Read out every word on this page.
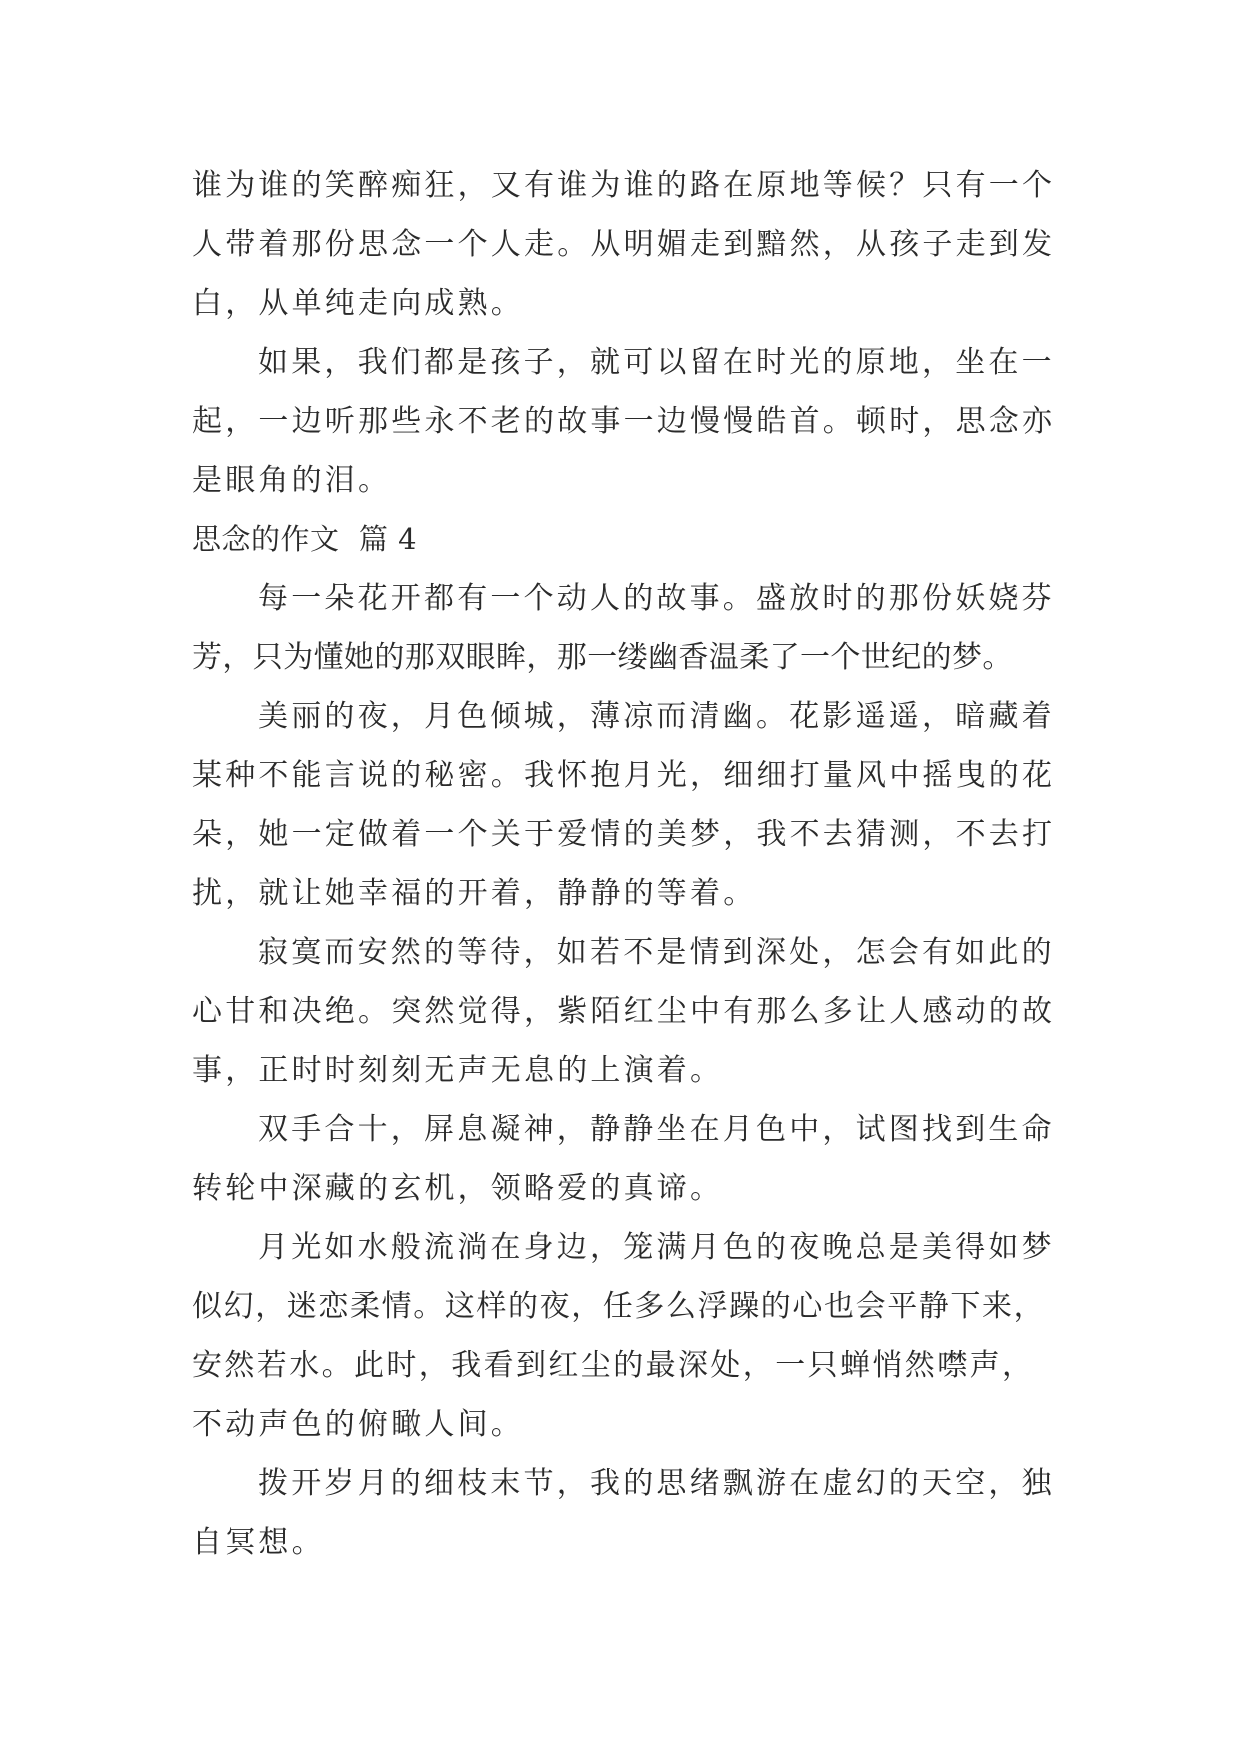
谁为谁的笑醉痴狂，又有谁为谁的路在原地等候？只有一个
人带着那份思念一个人走。从明媚走到黯然，从孩子走到发
白，从单纯走向成熟。

如果，我们都是孩子，就可以留在时光的原地，坐在一
起，一边听那些永不老的故事一边慢慢皓首。顿时，思念亦
是眼角的泪。

思念的作文  篇 4

每一朵花开都有一个动人的故事。盛放时的那份妖娆芬
芳，只为懂她的那双眼眸，那一缕幽香温柔了一个世纪的梦。

美丽的夜，月色倾城，薄凉而清幽。花影遥遥，暗藏着
某种不能言说的秘密。我怀抱月光，细细打量风中摇曳的花
朵，她一定做着一个关于爱情的美梦，我不去猜测，不去打
扰，就让她幸福的开着，静静的等着。

寂寞而安然的等待，如若不是情到深处，怎会有如此的
心甘和决绝。突然觉得，紫陌红尘中有那么多让人感动的故
事，正时时刻刻无声无息的上演着。

双手合十，屏息凝神，静静坐在月色中，试图找到生命
转轮中深藏的玄机，领略爱的真谛。

月光如水般流淌在身边，笼满月色的夜晚总是美得如梦
似幻，迷恋柔情。这样的夜，任多么浮躁的心也会平静下来，
安然若水。此时，我看到红尘的最深处，一只蝉悄然噤声，
不动声色的俯瞰人间。

拨开岁月的细枝末节，我的思绪飘游在虚幻的天空，独
自冥想。
